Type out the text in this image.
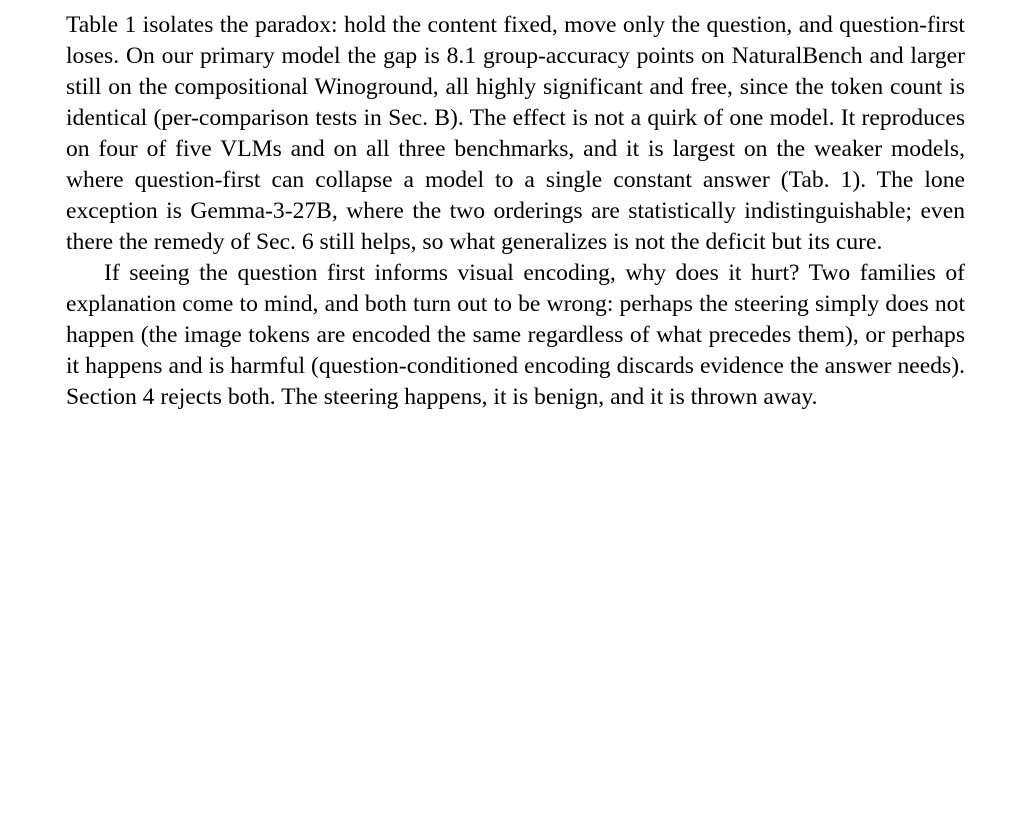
Table 1 isolates the paradox: hold the content fixed, move only the question, and question-first loses. On our primary model the gap is 8.1 group-accuracy points on NaturalBench and larger still on the compositional Winoground, all highly significant and free, since the token count is identical (per-comparison tests in Sec. B). The effect is not a quirk of one model. It reproduces on four of five VLMs and on all three benchmarks, and it is largest on the weaker models, where question-first can collapse a model to a single constant answer (Tab. 1). The lone exception is Gemma-3-27B, where the two orderings are statistically indistinguishable; even there the remedy of Sec. 6 still helps, so what generalizes is not the deficit but its cure.

If seeing the question first informs visual encoding, why does it hurt? Two families of explanation come to mind, and both turn out to be wrong: perhaps the steering simply does not happen (the image tokens are encoded the same regardless of what precedes them), or perhaps it happens and is harmful (question-conditioned encoding discards evidence the answer needs). Section 4 rejects both. The steering happens, it is benign, and it is thrown away.
